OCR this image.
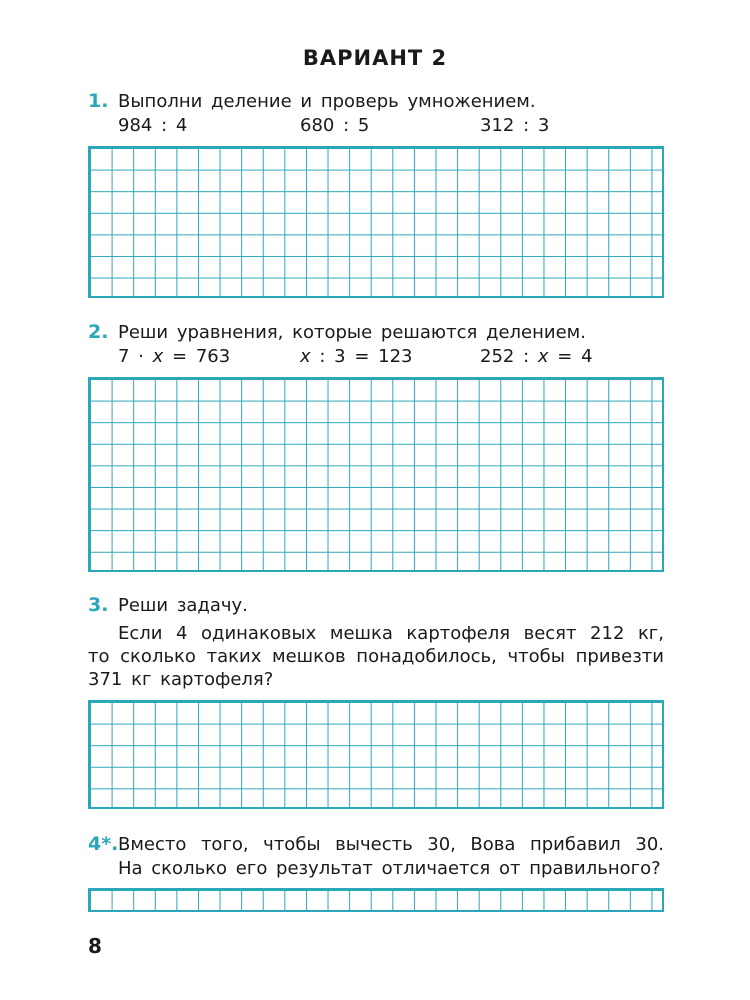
ВАРИАНТ 2
1. Выполни деление и проверь умножением.
984 : 4	680 : 5	312 : 3
2. Реши уравнения, которые решаются делением.
7 · x = 763	x : 3 = 123	252 : x = 4
3. Реши задачу.
Если 4 одинаковых мешка картофеля весят 212 кг,
то сколько таких мешков понадобилось, чтобы привезти
371 кг картофеля?
4*. Вместо того, чтобы вычесть 30, Вова прибавил 30.
На сколько его результат отличается от правильного?
8
